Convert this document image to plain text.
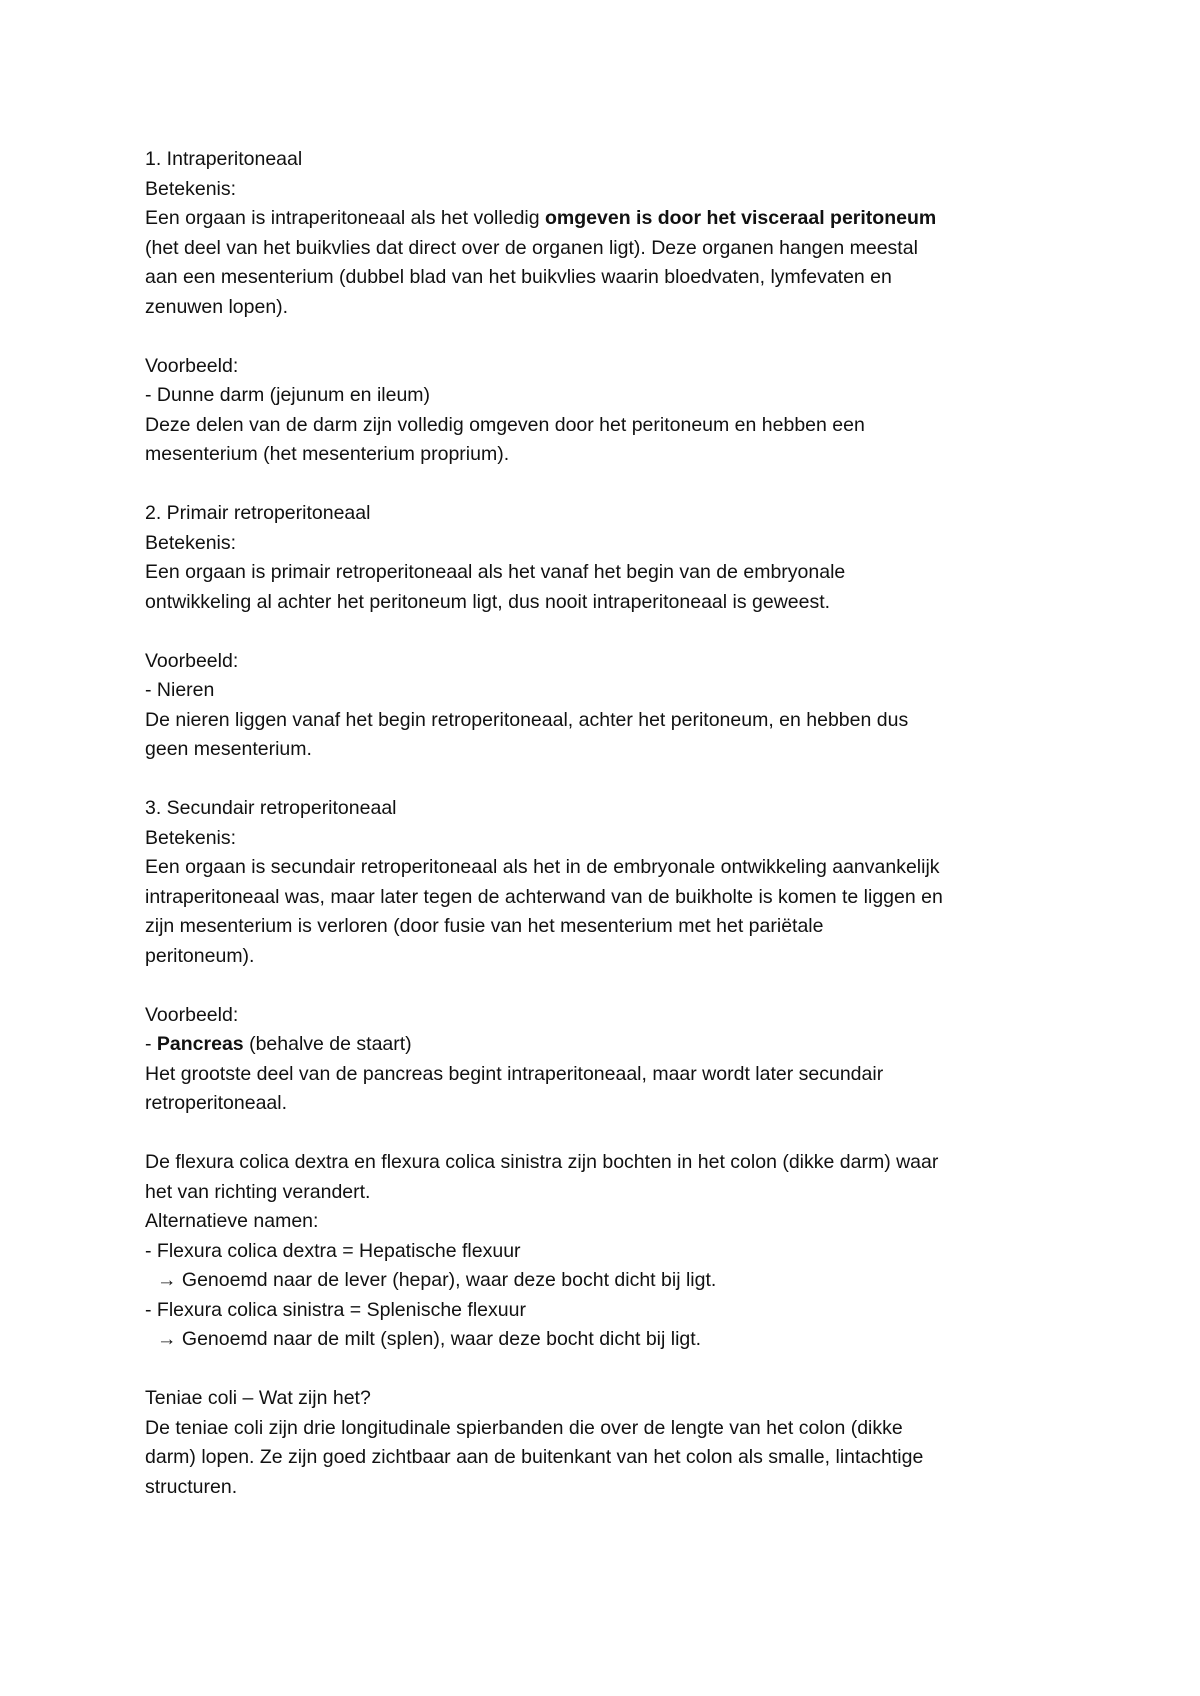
1. Intraperitoneaal
Betekenis:
Een orgaan is intraperitoneaal als het volledig omgeven is door het visceraal peritoneum
(het deel van het buikvlies dat direct over de organen ligt). Deze organen hangen meestal
aan een mesenterium (dubbel blad van het buikvlies waarin bloedvaten, lymfevaten en
zenuwen lopen).
Voorbeeld:
- Dunne darm (jejunum en ileum)
Deze delen van de darm zijn volledig omgeven door het peritoneum en hebben een
mesenterium (het mesenterium proprium).
2. Primair retroperitoneaal
Betekenis:
Een orgaan is primair retroperitoneaal als het vanaf het begin van de embryonale
ontwikkeling al achter het peritoneum ligt, dus nooit intraperitoneaal is geweest.
Voorbeeld:
- Nieren
De nieren liggen vanaf het begin retroperitoneaal, achter het peritoneum, en hebben dus
geen mesenterium.
3. Secundair retroperitoneaal
Betekenis:
Een orgaan is secundair retroperitoneaal als het in de embryonale ontwikkeling aanvankelijk
intraperitoneaal was, maar later tegen de achterwand van de buikholte is komen te liggen en
zijn mesenterium is verloren (door fusie van het mesenterium met het pariëtale
peritoneum).
Voorbeeld:
- Pancreas (behalve de staart)
Het grootste deel van de pancreas begint intraperitoneaal, maar wordt later secundair
retroperitoneaal.
De flexura colica dextra en flexura colica sinistra zijn bochten in het colon (dikke darm) waar
het van richting verandert.
Alternatieve namen:
- Flexura colica dextra = Hepatische flexuur
→ Genoemd naar de lever (hepar), waar deze bocht dicht bij ligt.
- Flexura colica sinistra = Splenische flexuur
→ Genoemd naar de milt (splen), waar deze bocht dicht bij ligt.
Teniae coli – Wat zijn het?
De teniae coli zijn drie longitudinale spierbanden die over de lengte van het colon (dikke
darm) lopen. Ze zijn goed zichtbaar aan de buitenkant van het colon als smalle, lintachtige
structuren.
